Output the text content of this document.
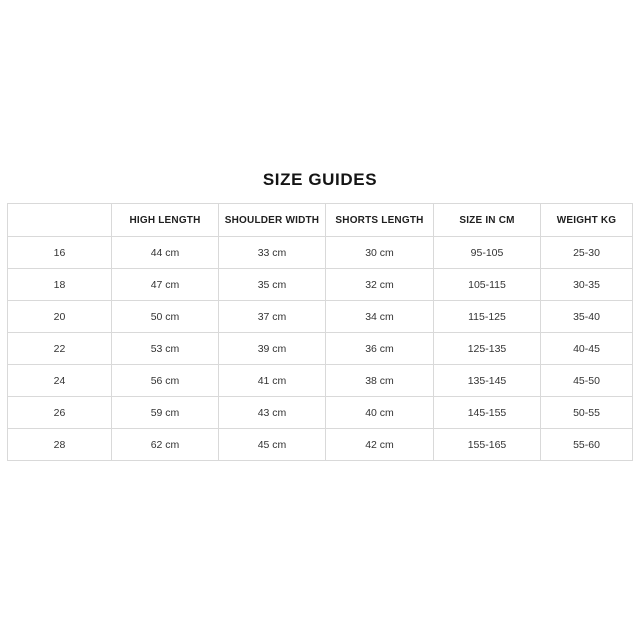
SIZE GUIDES
	HIGH LENGTH	SHOULDER WIDTH	SHORTS LENGTH	SIZE IN CM	WEIGHT KG
16	44 cm	33 cm	30 cm	95-105	25-30
18	47 cm	35 cm	32 cm	105-115	30-35
20	50 cm	37 cm	34 cm	115-125	35-40
22	53 cm	39 cm	36 cm	125-135	40-45
24	56 cm	41 cm	38 cm	135-145	45-50
26	59 cm	43 cm	40 cm	145-155	50-55
28	62 cm	45 cm	42 cm	155-165	55-60
